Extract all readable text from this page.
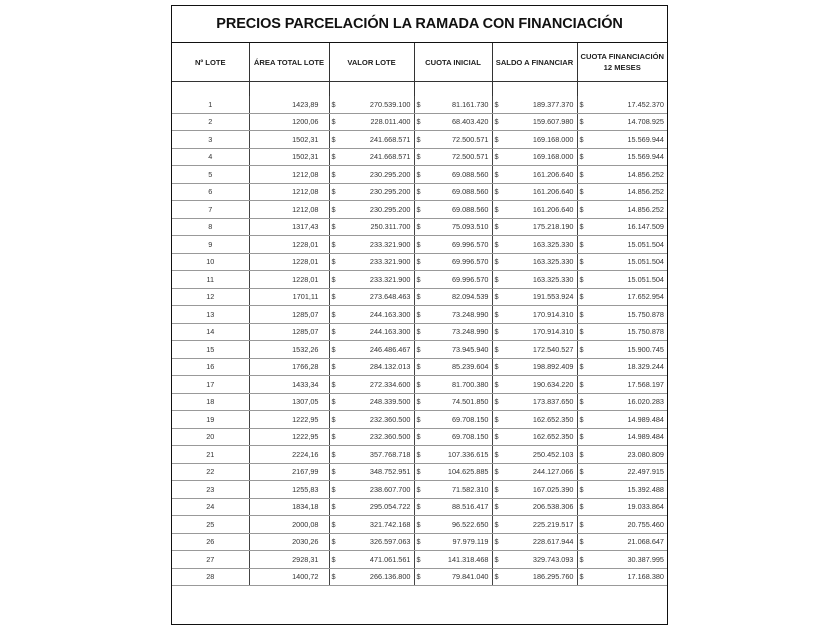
PRECIOS PARCELACIÓN LA RAMADA CON FINANCIACIÓN
Nº LOTE	ÁREA TOTAL LOTE	VALOR LOTE	CUOTA INICIAL	SALDO A FINANCIAR	CUOTA FINANCIACIÓN
12 MESES

1	1423,89	$ 270.539.100	$ 81.161.730	$ 189.377.370	$ 17.452.370

2	1200,06	$ 228.011.400	$ 68.403.420	$ 159.607.980	$ 14.708.925

3	1502,31	$ 241.668.571	$ 72.500.571	$ 169.168.000	$ 15.569.944

4	1502,31	$ 241.668.571	$ 72.500.571	$ 169.168.000	$ 15.569.944

5	1212,08	$ 230.295.200	$ 69.088.560	$ 161.206.640	$ 14.856.252

6	1212,08	$ 230.295.200	$ 69.088.560	$ 161.206.640	$ 14.856.252

7	1212,08	$ 230.295.200	$ 69.088.560	$ 161.206.640	$ 14.856.252

8	1317,43	$ 250.311.700	$ 75.093.510	$ 175.218.190	$ 16.147.509

9	1228,01	$ 233.321.900	$ 69.996.570	$ 163.325.330	$ 15.051.504

10	1228,01	$ 233.321.900	$ 69.996.570	$ 163.325.330	$ 15.051.504

11	1228,01	$ 233.321.900	$ 69.996.570	$ 163.325.330	$ 15.051.504

12	1701,11	$ 273.648.463	$ 82.094.539	$ 191.553.924	$ 17.652.954

13	1285,07	$ 244.163.300	$ 73.248.990	$ 170.914.310	$ 15.750.878

14	1285,07	$ 244.163.300	$ 73.248.990	$ 170.914.310	$ 15.750.878

15	1532,26	$ 246.486.467	$ 73.945.940	$ 172.540.527	$ 15.900.745

16	1766,28	$ 284.132.013	$ 85.239.604	$ 198.892.409	$ 18.329.244

17	1433,34	$ 272.334.600	$ 81.700.380	$ 190.634.220	$ 17.568.197

18	1307,05	$ 248.339.500	$ 74.501.850	$ 173.837.650	$ 16.020.283

19	1222,95	$ 232.360.500	$ 69.708.150	$ 162.652.350	$ 14.989.484

20	1222,95	$ 232.360.500	$ 69.708.150	$ 162.652.350	$ 14.989.484

21	2224,16	$ 357.768.718	$ 107.336.615	$ 250.452.103	$ 23.080.809

22	2167,99	$ 348.752.951	$ 104.625.885	$ 244.127.066	$ 22.497.915

23	1255,83	$ 238.607.700	$ 71.582.310	$ 167.025.390	$ 15.392.488

24	1834,18	$ 295.054.722	$ 88.516.417	$ 206.538.306	$ 19.033.864

25	2000,08	$ 321.742.168	$ 96.522.650	$ 225.219.517	$ 20.755.460

26	2030,26	$ 326.597.063	$ 97.979.119	$ 228.617.944	$ 21.068.647

27	2928,31	$ 471.061.561	$ 141.318.468	$ 329.743.093	$ 30.387.995

28	1400,72	$ 266.136.800	$ 79.841.040	$ 186.295.760	$ 17.168.380
